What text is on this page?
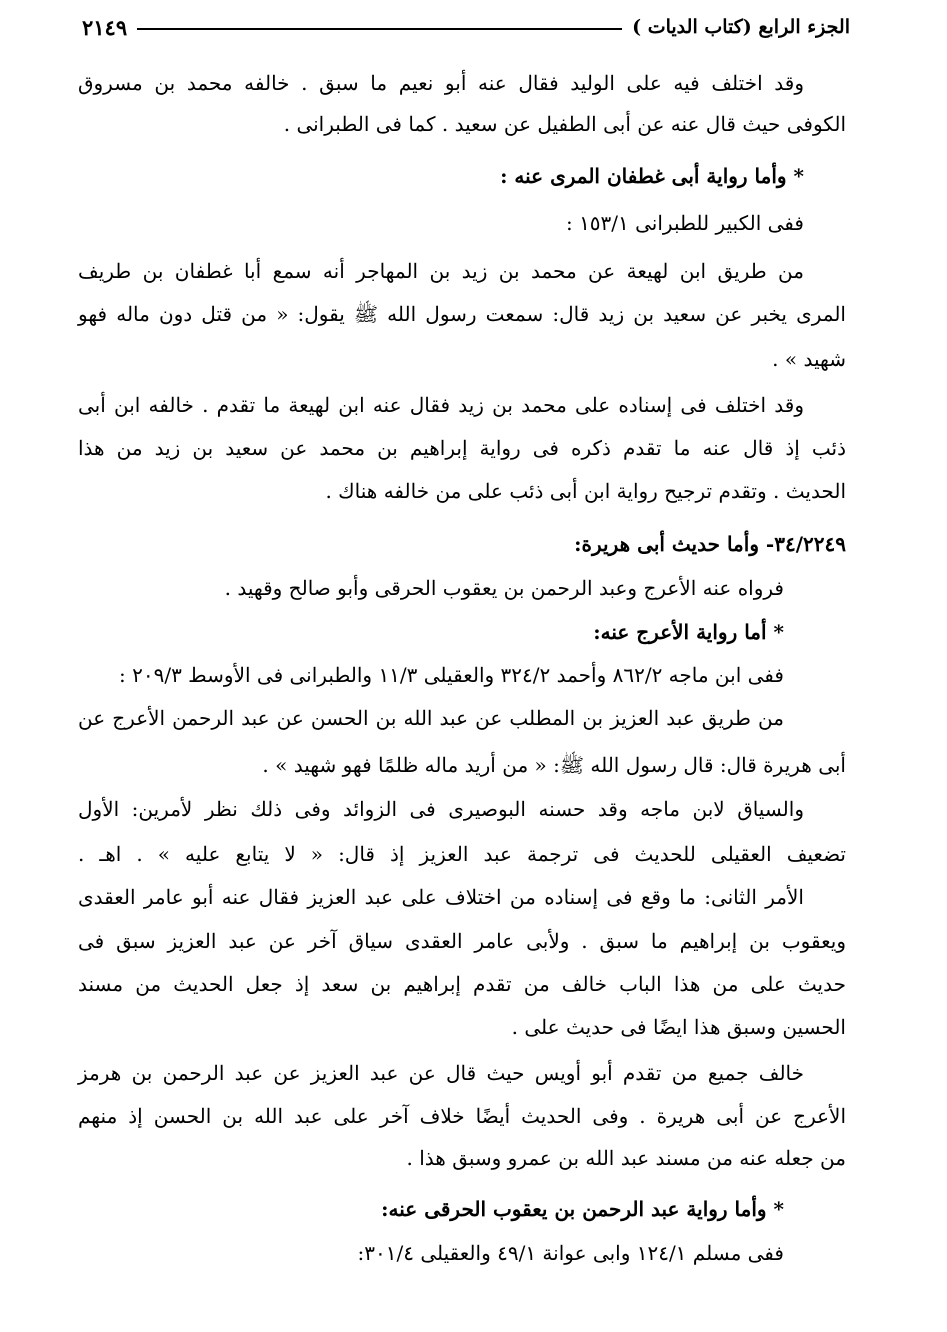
الجزء الرابع (كتاب الديات )
٢١٤٩
وقد اختلف فيه على الوليد فقال عنه أبو نعيم ما سبق . خالفه محمد بن مسروق
الكوفى حيث قال عنه عن أبى الطفيل عن سعيد . كما فى الطبرانى .
* وأما رواية أبى غطفان المرى عنه :
ففى الكبير للطبرانى ١٥٣/١ :
من طريق ابن لهيعة عن محمد بن زيد بن المهاجر أنه سمع أبا غطفان بن طريف
المرى يخبر عن سعيد بن زيد قال: سمعت رسول الله ﷺ يقول: « من قتل دون ماله فهو
شهيد » .
وقد اختلف فى إسناده على محمد بن زيد فقال عنه ابن لهيعة ما تقدم . خالفه ابن أبى
ذئب إذ قال عنه ما تقدم ذكره فى رواية إبراهيم بن محمد عن سعيد بن زيد من هذا
الحديث . وتقدم ترجيح رواية ابن أبى ذئب على من خالفه هناك .
٣٤/٢٢٤٩- وأما حديث أبى هريرة:
فرواه عنه الأعرج وعبد الرحمن بن يعقوب الحرقى وأبو صالح وقهيد .
* أما رواية الأعرج عنه:
ففى ابن ماجه ٨٦٢/٢ وأحمد ٣٢٤/٢ والعقيلى ١١/٣ والطبرانى فى الأوسط ٢٠٩/٣ :
من طريق عبد العزيز بن المطلب عن عبد الله بن الحسن عن عبد الرحمن الأعرج عن
أبى هريرة قال: قال رسول الله ﷺ: « من أريد ماله ظلمًا فهو شهيد » .
والسياق لابن ماجه وقد حسنه البوصيرى فى الزوائد وفى ذلك نظر لأمرين: الأول
تضعيف العقيلى للحديث فى ترجمة عبد العزيز إذ قال: « لا يتابع عليه » . اهـ .
الأمر الثانى: ما وقع فى إسناده من اختلاف على عبد العزيز فقال عنه أبو عامر العقدى
ويعقوب بن إبراهيم ما سبق . ولأبى عامر العقدى سياق آخر عن عبد العزيز سبق فى
حديث على من هذا الباب خالف من تقدم إبراهيم بن سعد إذ جعل الحديث من مسند
الحسين وسبق هذا ايضًا فى حديث على .
خالف جميع من تقدم أبو أويس حيث قال عن عبد العزيز عن عبد الرحمن بن هرمز
الأعرج عن أبى هريرة . وفى الحديث أيضًا خلاف آخر على عبد الله بن الحسن إذ منهم
من جعله عنه من مسند عبد الله بن عمرو وسبق هذا .
* وأما رواية عبد الرحمن بن يعقوب الحرقى عنه:
ففى مسلم ١٢٤/١ وابى عوانة ٤٩/١ والعقيلى ٣٠١/٤:
